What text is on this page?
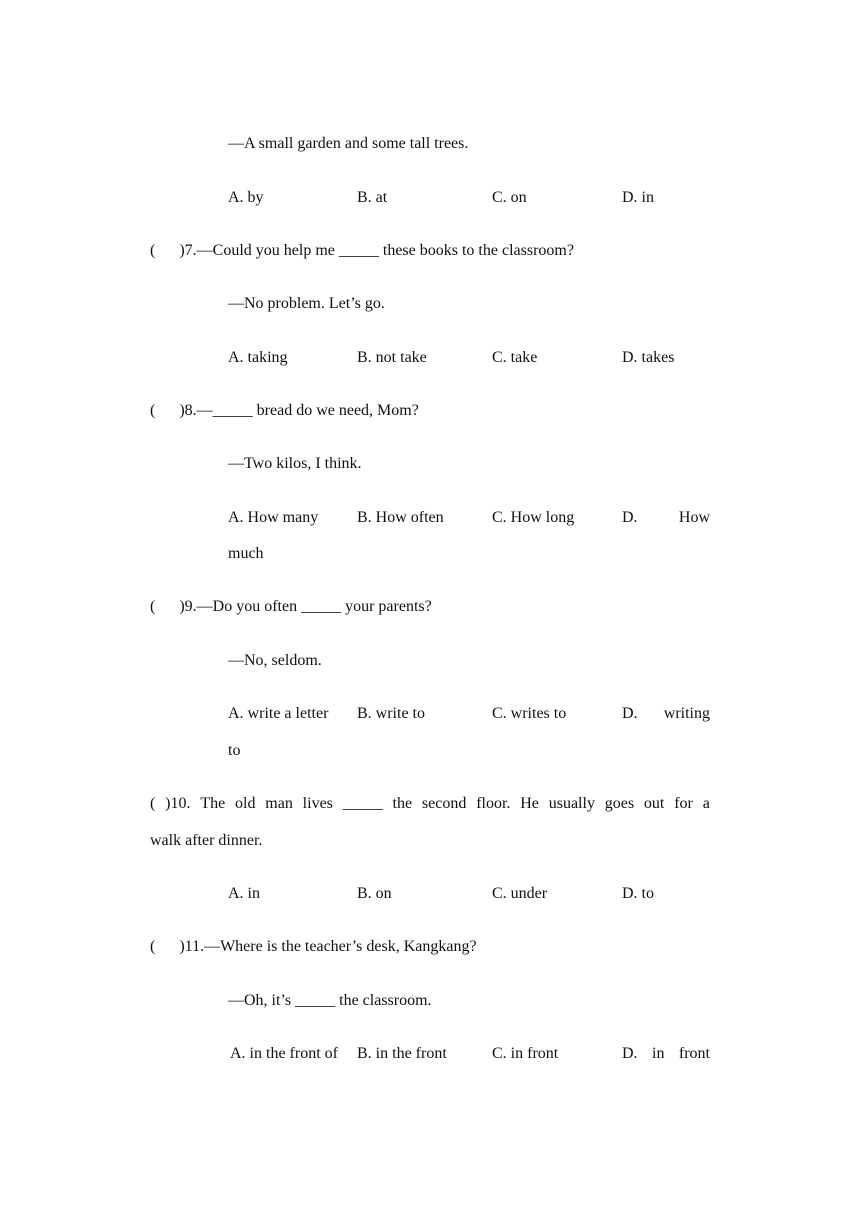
—A small garden and some tall trees.
A. by	B. at	C. on	D. in
(      )7.—Could you help me _____ these books to the classroom?
—No problem. Let’s go.
A. taking	B. not take	C. take	D. takes
(      )8.—_____ bread do we need, Mom?
—Two kilos, I think.
A. How many B. How often	C. How long	D.	How
much
(      )9.—Do you often _____ your parents?
—No, seldom.
A. write a letter B. write to	C. writes to	D. writing
to
( )10. The old man lives _____ the second floor. He usually goes out for a
walk after dinner.
A. in	B. on	C. under	D. to
(      )11.—Where is the teacher’s desk, Kangkang?
—Oh, it’s _____ the classroom.
A. in the front of B. in the front	C. in front	D. in front
